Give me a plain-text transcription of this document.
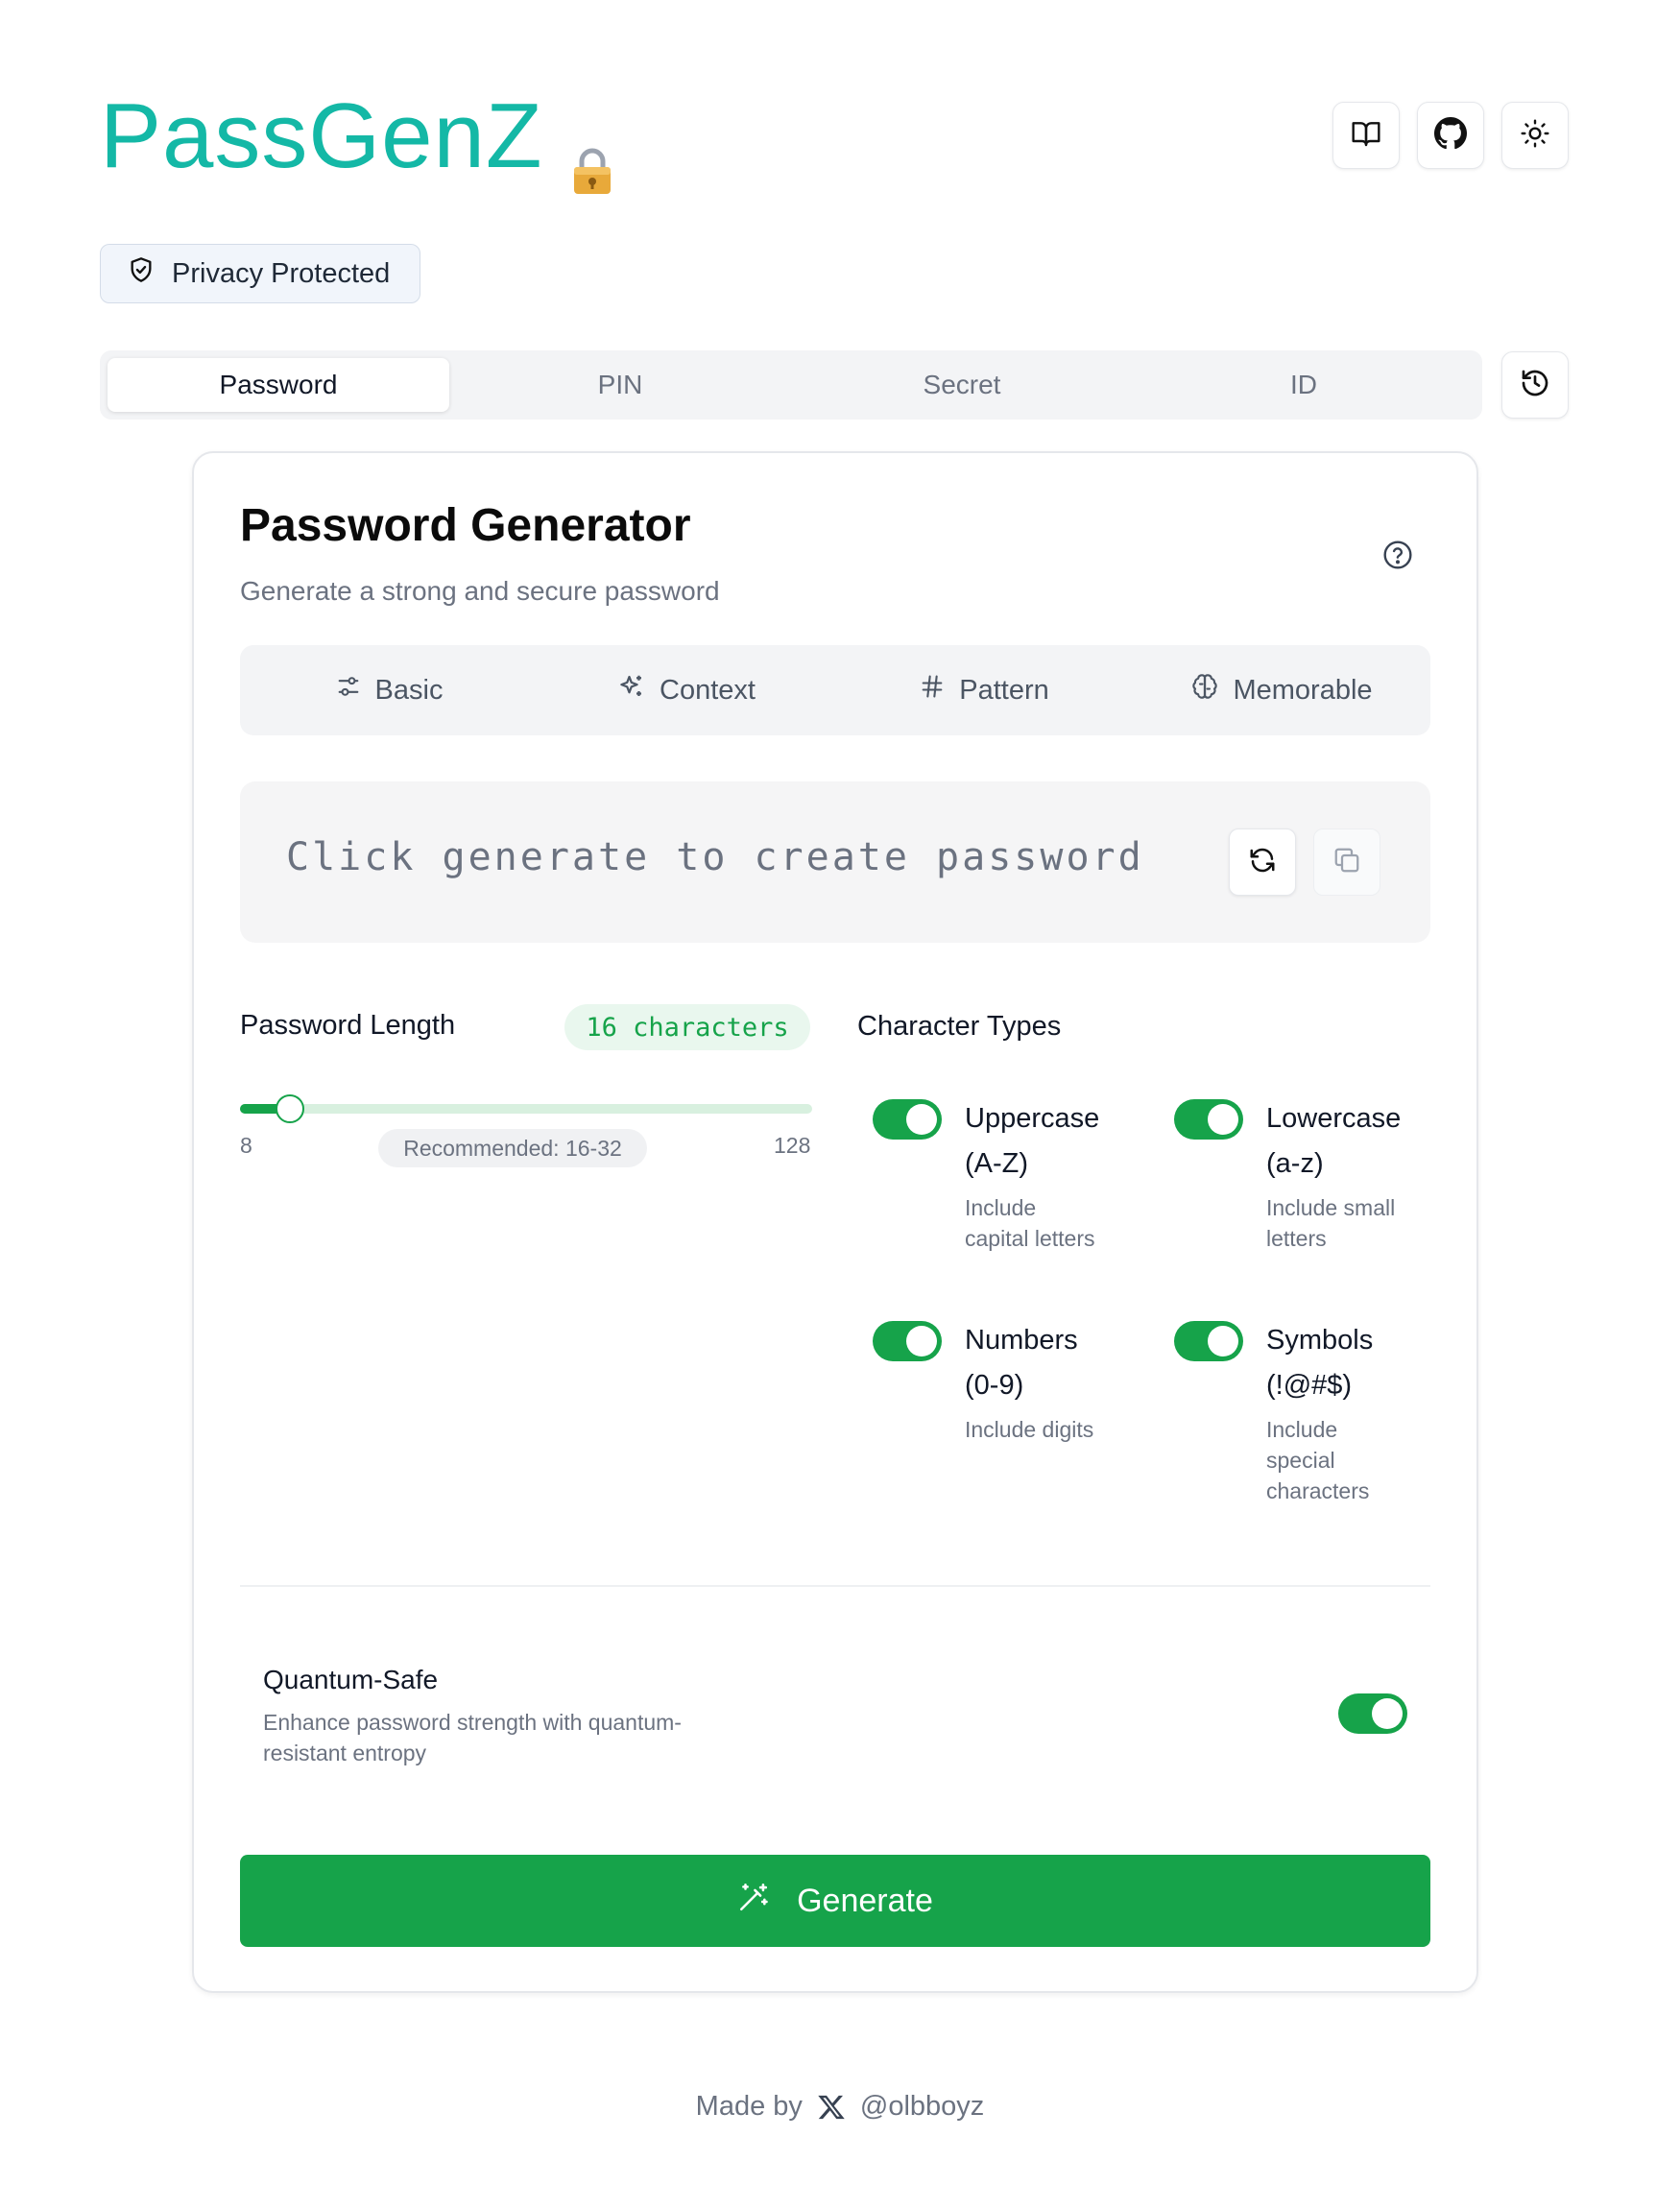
PassGenZ
Privacy Protected
Password	PIN	Secret	ID
Password Generator
Generate a strong and secure password
Basic	Context	Pattern	Memorable
Click generate to create password
Password Length	16 characters
8	Recommended: 16-32	128
Character Types
Uppercase
(A-Z)
Include
capital letters
Lowercase
(a-z)
Include small
letters
Numbers
(0-9)
Include digits
Symbols
(!@#$)
Include
special
characters
Quantum-Safe
Enhance password strength with quantum-
resistant entropy
Generate
Made by @olbboyz
